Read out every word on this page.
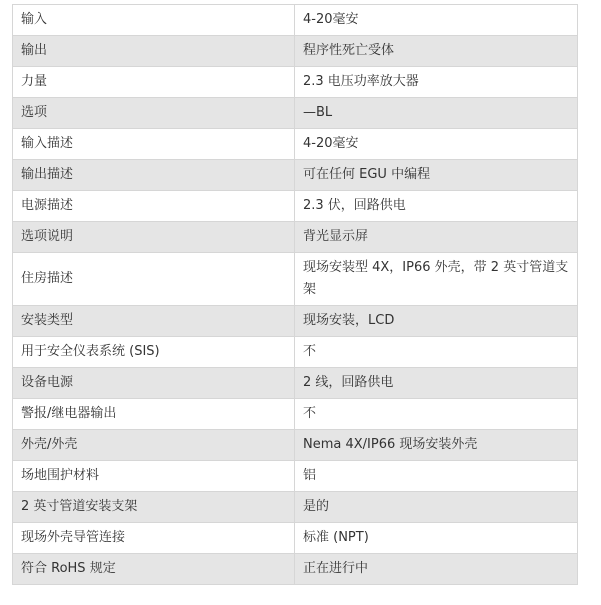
输入	4-20毫安
输出	程序性死亡受体
力量	2.3 电压功率放大器
选项	—BL
输入描述	4-20毫安
输出描述	可在任何 EGU 中编程
电源描述	2.3 伏，回路供电
选项说明	背光显示屏
住房描述	现场安装型 4X，IP66 外壳，带 2 英寸管道支架
安装类型	现场安装，LCD
用于安全仪表系统 (SIS)	不
设备电源	2 线，回路供电
警报/继电器输出	不
外壳/外壳	Nema 4X/IP66 现场安装外壳
场地围护材料	铝
2 英寸管道安装支架	是的
现场外壳导管连接	标准 (NPT)
符合 RoHS 规定	正在进行中
